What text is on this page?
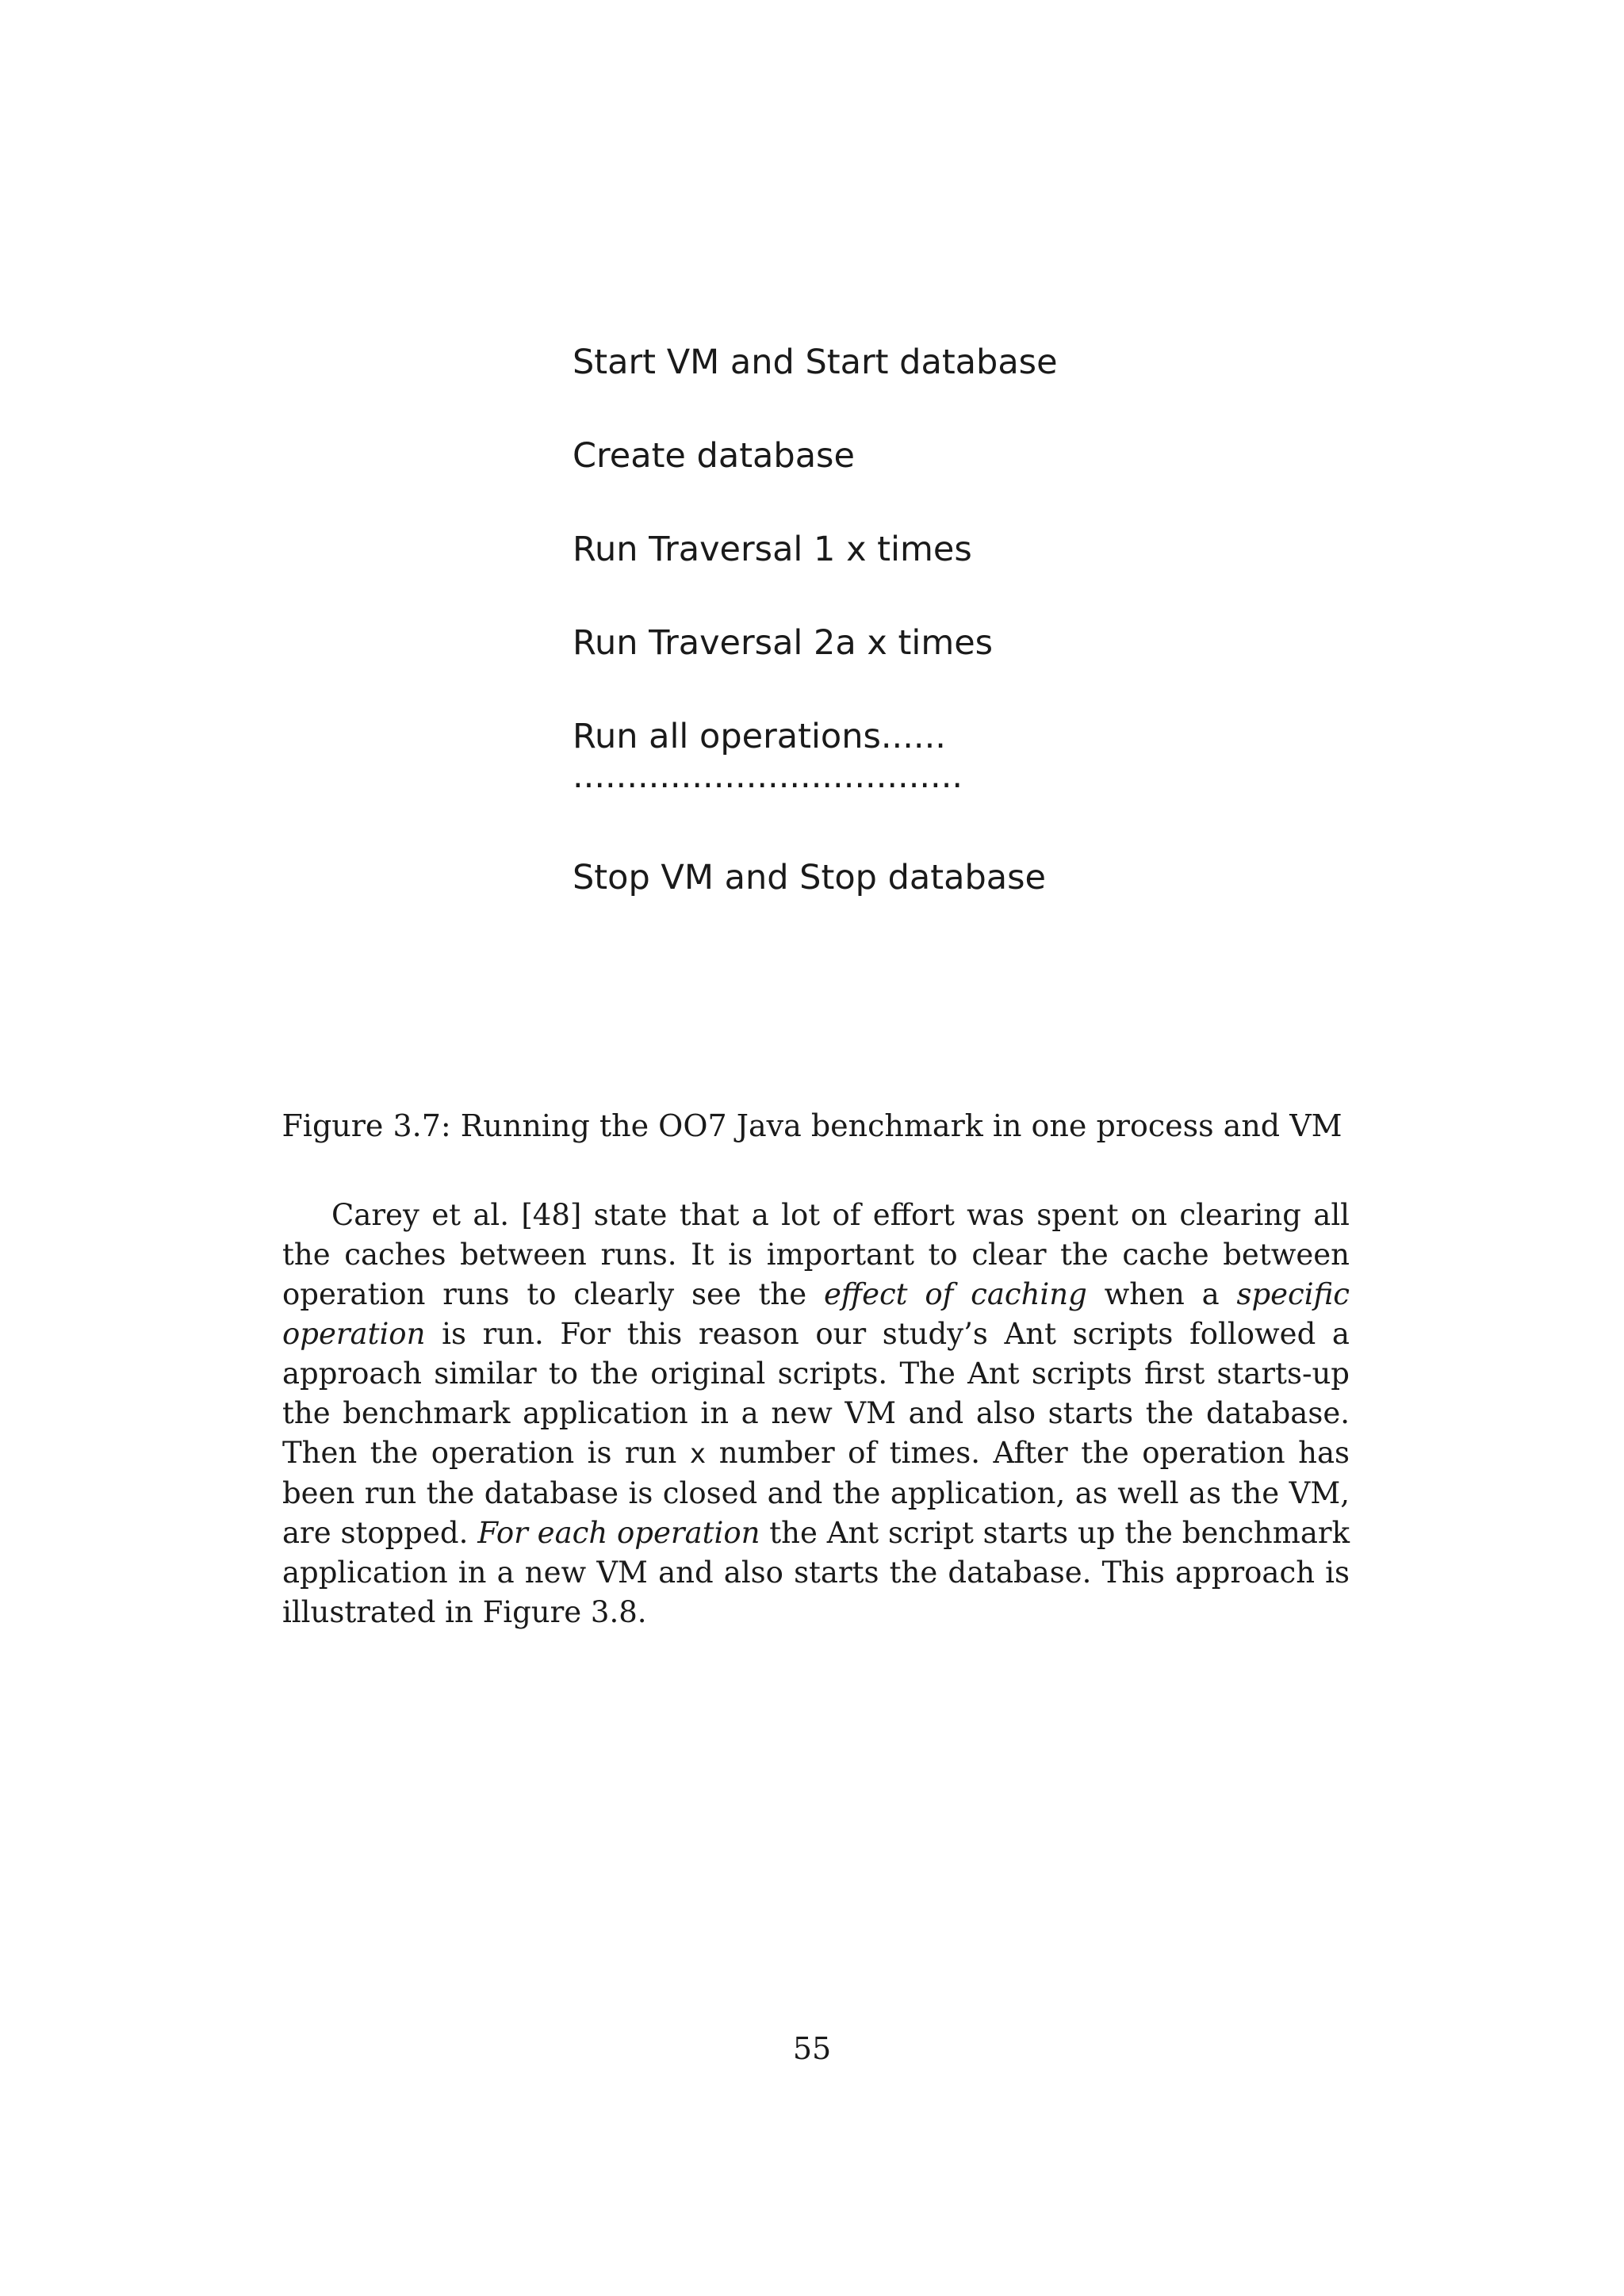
Start VM and Start database
Create database
Run Traversal 1 x times
Run Traversal 2a x times
Run all operations......
....................................
Stop VM and Stop database
Figure 3.7: Running the OO7 Java benchmark in one process and VM

Carey et al. [48] state that a lot of effort was spent on clearing all the caches between runs. It is important to clear the cache between operation runs to clearly see the effect of caching when a specific operation is run. For this reason our study’s Ant scripts followed a approach similar to the original scripts. The Ant scripts first starts-up the benchmark application in a new VM and also starts the database. Then the operation is run x number of times. After the operation has been run the database is closed and the application, as well as the VM, are stopped. For each operation the Ant script starts up the benchmark application in a new VM and also starts the database. This approach is illustrated in Figure 3.8.

55
